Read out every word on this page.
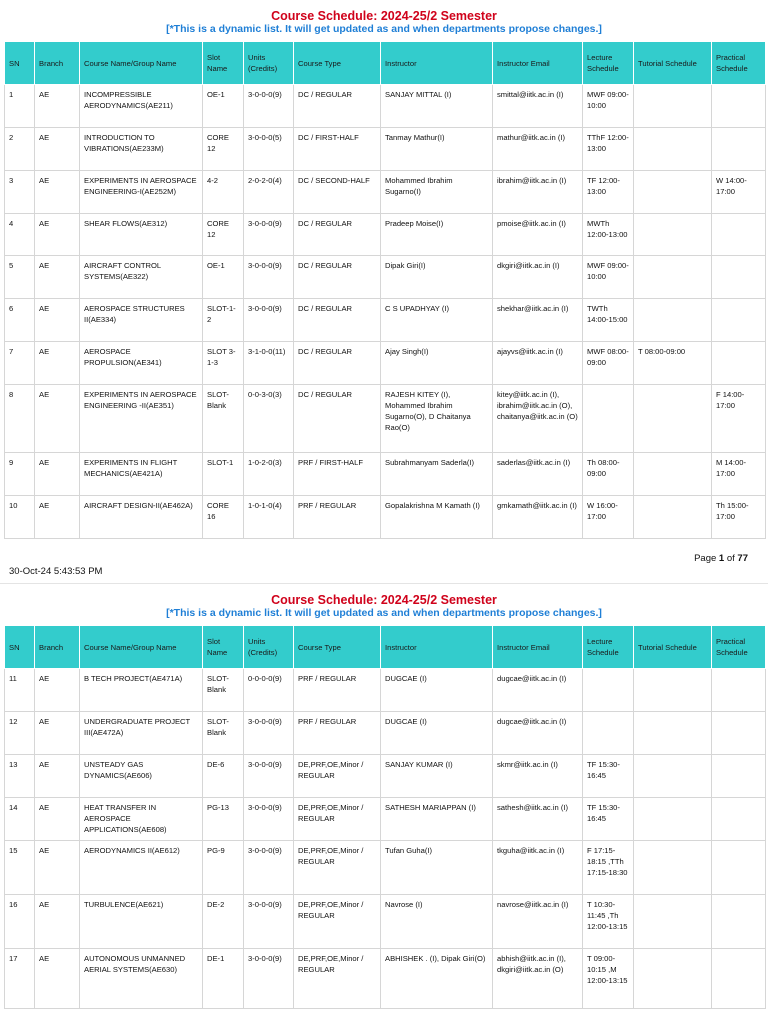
Course Schedule: 2024-25/2 Semester
[*This is a dynamic list. It will get updated as and when departments propose changes.]
SN	Branch	Course Name/Group Name	Slot Name	Units (Credits)	Course Type	Instructor	Instructor Email	Lecture Schedule	Tutorial Schedule	Practical Schedule
1	AE	INCOMPRESSIBLE AERODYNAMICS(AE211)	OE-1	3-0-0-0(9)	DC / REGULAR	SANJAY MITTAL (I)	smittal@iitk.ac.in (I)	MWF 09:00-10:00		
2	AE	INTRODUCTION TO VIBRATIONS(AE233M)	CORE 12	3-0-0-0(5)	DC / FIRST-HALF	Tanmay Mathur(I)	mathur@iitk.ac.in (I)	TThF 12:00-13:00		
3	AE	EXPERIMENTS IN AEROSPACE ENGINEERING-I(AE252M)	4-2	2-0-2-0(4)	DC / SECOND-HALF	Mohammed Ibrahim Sugarno(I)	ibrahim@iitk.ac.in (I)	TF 12:00-13:00		W 14:00-17:00
4	AE	SHEAR FLOWS(AE312)	CORE 12	3-0-0-0(9)	DC / REGULAR	Pradeep Moise(I)	pmoise@iitk.ac.in (I)	MWTh 12:00-13:00		
5	AE	AIRCRAFT CONTROL SYSTEMS(AE322)	OE-1	3-0-0-0(9)	DC / REGULAR	Dipak Giri(I)	dkgiri@iitk.ac.in (I)	MWF 09:00-10:00		
6	AE	AEROSPACE STRUCTURES II(AE334)	SLOT-1-2	3-0-0-0(9)	DC / REGULAR	C S UPADHYAY (I)	shekhar@iitk.ac.in (I)	TWTh 14:00-15:00		
7	AE	AEROSPACE PROPULSION(AE341)	SLOT 3-1-3	3-1-0-0(11)	DC / REGULAR	Ajay Singh(I)	ajayvs@iitk.ac.in (I)	MWF 08:00-09:00	T 08:00-09:00	
8	AE	EXPERIMENTS IN AEROSPACE ENGINEERING -II(AE351)	SLOT-Blank	0-0-3-0(3)	DC / REGULAR	RAJESH KITEY (I), Mohammed Ibrahim Sugarno(O), D Chaitanya Rao(O)	kitey@iitk.ac.in (I), ibrahim@iitk.ac.in (O), chaitanya@iitk.ac.in (O)			F 14:00-17:00
9	AE	EXPERIMENTS IN FLIGHT MECHANICS(AE421A)	SLOT-1	1-0-2-0(3)	PRF / FIRST-HALF	Subrahmanyam Saderla(I)	saderlas@iitk.ac.in (I)	Th 08:00-09:00		M 14:00-17:00
10	AE	AIRCRAFT DESIGN-II(AE462A)	CORE 16	1-0-1-0(4)	PRF / REGULAR	Gopalakrishna M Kamath (I)	gmkamath@iitk.ac.in (I)	W 16:00-17:00		Th 15:00-17:00
Page 1 of 77
30-Oct-24 5:43:53 PM
Course Schedule: 2024-25/2 Semester
[*This is a dynamic list. It will get updated as and when departments propose changes.]
SN	Branch	Course Name/Group Name	Slot Name	Units (Credits)	Course Type	Instructor	Instructor Email	Lecture Schedule	Tutorial Schedule	Practical Schedule
11	AE	B TECH PROJECT(AE471A)	SLOT-Blank	0-0-0-0(9)	PRF / REGULAR	DUGCAE (I)	dugcae@iitk.ac.in (I)			
12	AE	UNDERGRADUATE PROJECT III(AE472A)	SLOT-Blank	3-0-0-0(9)	PRF / REGULAR	DUGCAE (I)	dugcae@iitk.ac.in (I)			
13	AE	UNSTEADY GAS DYNAMICS(AE606)	DE-6	3-0-0-0(9)	DE,PRF,OE,Minor / REGULAR	SANJAY KUMAR (I)	skmr@iitk.ac.in (I)	TF 15:30-16:45		
14	AE	HEAT TRANSFER IN AEROSPACE APPLICATIONS(AE608)	PG-13	3-0-0-0(9)	DE,PRF,OE,Minor / REGULAR	SATHESH MARIAPPAN (I)	sathesh@iitk.ac.in (I)	TF 15:30-16:45		
15	AE	AERODYNAMICS II(AE612)	PG-9	3-0-0-0(9)	DE,PRF,OE,Minor / REGULAR	Tufan Guha(I)	tkguha@iitk.ac.in (I)	F 17:15-18:15 ,TTh 17:15-18:30		
16	AE	TURBULENCE(AE621)	DE-2	3-0-0-0(9)	DE,PRF,OE,Minor / REGULAR	Navrose (I)	navrose@iitk.ac.in (I)	T 10:30-11:45 ,Th 12:00-13:15		
17	AE	AUTONOMOUS UNMANNED AERIAL SYSTEMS(AE630)	DE-1	3-0-0-0(9)	DE,PRF,OE,Minor / REGULAR	ABHISHEK . (I), Dipak Giri(O)	abhish@iitk.ac.in (I), dkgiri@iitk.ac.in (O)	T 09:00-10:15 ,M 12:00-13:15		
